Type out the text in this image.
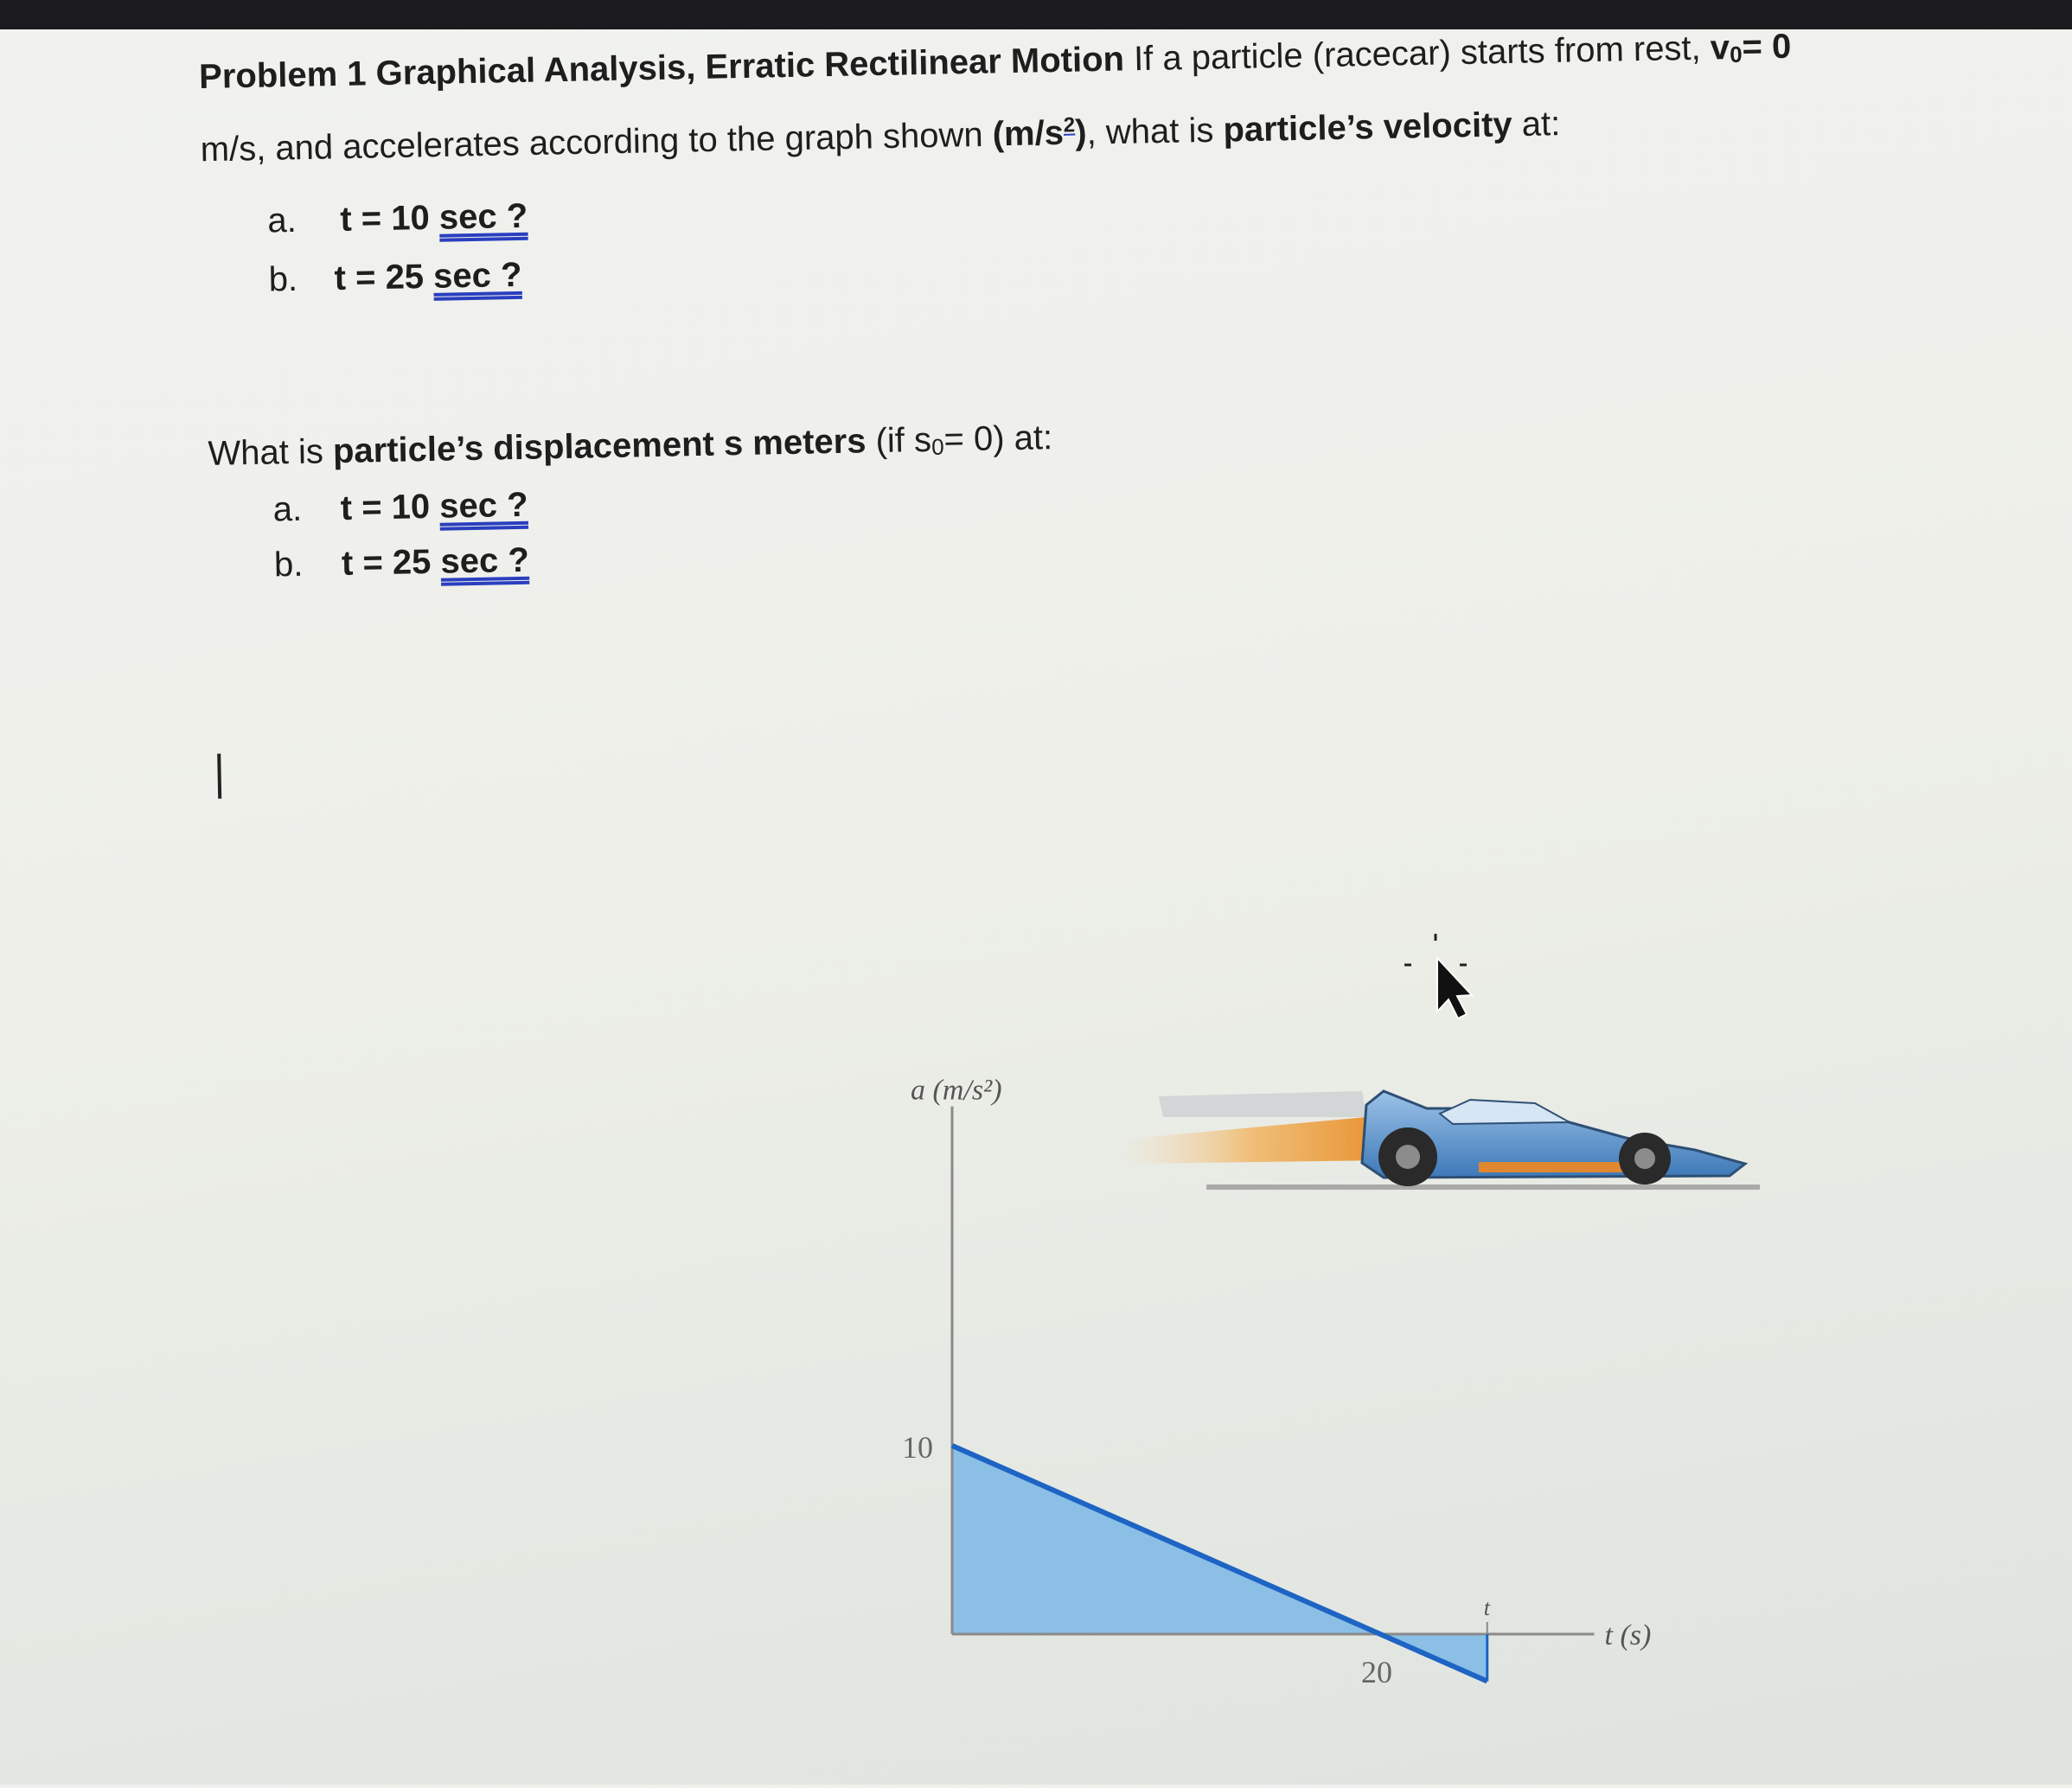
Problem 1 Graphical Analysis, Erratic Rectilinear Motion If a particle (racecar) starts from rest, v0= 0
m/s, and accelerates according to the graph shown $(m/s^2)$, what is particle’s velocity at:
a. t = 10 sec ?
b. t = 25 sec ?
What is particle’s displacement s meters (if s0= 0) at:
a. t = 10 sec ?
b. t = 25 sec ?
a (m/s²)
t (s)
10
20
t
